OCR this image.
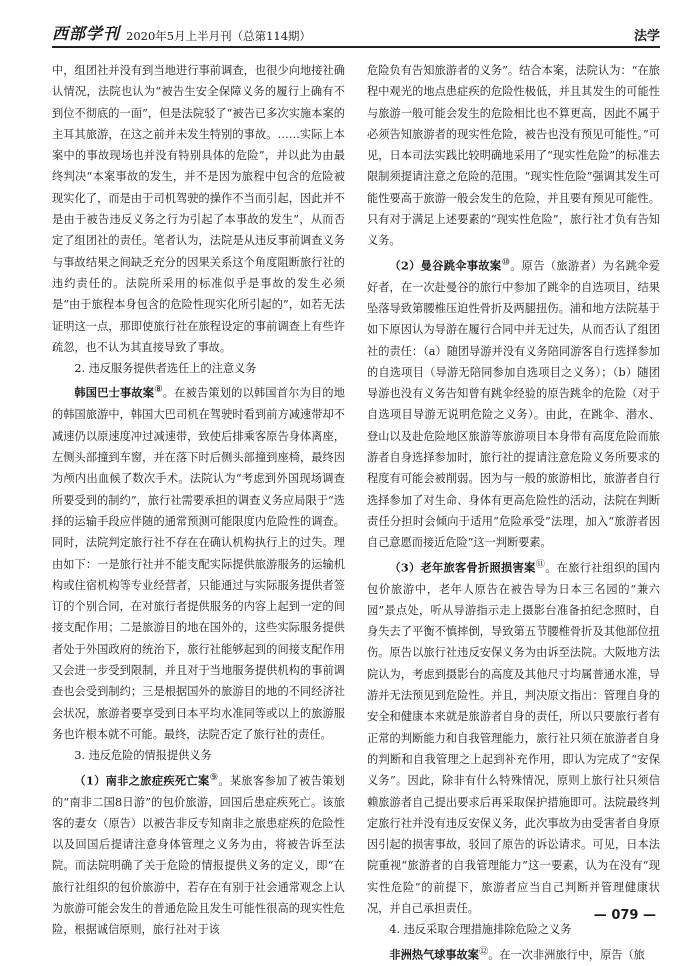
西部学刊 2020年5月上半月刊（总第114期）	法学

中，组团社并没有到当地进行事前调查，也很少向地接社确认情况，法院也认为“被告生安全保障义务的履行上确有不到位不彻底的一面”，但是法院驳了“被告已多次实施本案的主耳其旅游，在这之前并未发生特别的事故。……实际上本案中的事故现场也并没有特别具体的危险”，并以此为由最终判决“本案事故的发生，并不是因为旅程中包含的危险被现实化了，而是由于司机驾驶的操作不当而引起，因此并不是由于被告违反义务之行为引起了本事故的发生”，从而否定了组团社的责任。笔者认为，法院是从违反事前调查义务与事故结果之间缺乏充分的因果关系这个角度阻断旅行社的违约责任的。法院所采用的标准似乎是事故的发生必须是“由于旅程本身包含的危险性现实化所引起的”，如若无法证明这一点，那即使旅行社在旅程设定的事前调查上有些许疏忽，也不认为其直接导致了事故。

2. 违反服务提供者选任上的注意义务

韩国巴士事故案⑧。在被告策划的以韩国首尔为目的地的韩国旅游中，韩国大巴司机在驾驶时看到前方减速带却不减速仍以原速度冲过减速带，致使后排乘客原告身体离座，左侧头部撞到车窗，并在落下时后侧头部撞到座椅，最终因为颅内出血候了数次手术。法院认为“考虑到外国现场调查所要受到的制约”，旅行社需要承担的调查义务应局限于“选择的运输手段应伴随的通常预测可能限度内危险性的调查。同时，法院判定旅行社不存在在确认机构执行上的过失。理由如下：一是旅行社并不能支配实际提供旅游服务的运输机构或住宿机构等专业经营者，只能通过与实际服务提供者签订的个别合同，在对旅行者提供服务的内容上起到一定的间接支配作用；二是旅游目的地在国外的，这些实际服务提供者处于外国政府的统治下，旅行社能够起到的间接支配作用又会进一步受到限制，并且对于当地服务提供机构的事前调查也会受到制约；三是根据国外的旅游目的地的不同经济社会状况，旅游者要享受到日本平均水准同等或以上的旅游服务也许根本就不可能。最终，法院否定了旅行社的责任。

3. 违反危险的情报提供义务

（1）南非之旅症疾死亡案⑨。某旅客参加了被告策划的“南非二国8日游”的包价旅游，回国后患症疾死亡。该旅客的妻女（原告）以被告非反专知南非之旅患症疾的危险性以及回国后提请注意身体管理之义务为由，将被告诉至法院。而法院明确了关于危险的情报提供义务的定义，即“在旅行社组织的包价旅游中，若存在有别于社会通常观念上认为旅游可能会发生的普通危险且发生可能性很高的现实性危险，根据诚信原则，旅行社对于该

危险负有告知旅游者的义务”。结合本案，法院认为：“在旅程中观光的地点患症疾的危险性极低，并且其发生的可能性与旅游一般可能会发生的危险相比也不算更高，因此不属于必须告知旅游者的现实性危险，被告也没有预见可能性。”可见，日本司法实践比较明确地采用了“现实性危险”的标准去限制须提请注意之危险的范围。“现实性危险”强调其发生可能性要高于旅游一般会发生的危险，并且要有预见可能性。只有对于满足上述要素的“现实性危险”，旅行社才负有告知义务。

（2）曼谷跳伞事故案⑩。原告（旅游者）为名跳伞爱好者，在一次赴曼谷的旅行中参加了跳伞的自选项目，结果坠落导致第腰椎压迫性骨折及两腿扭伤。浦和地方法院基于如下原因认为导游在履行合同中并无过失，从而否认了组团社的责任：（a）随团导游并没有义务陪同游客自行选择参加的自选项目（导游无陪同参加自选项目之义务）；（b）随团导游也没有义务告知曾有跳伞经验的原告跳伞的危险（对于自选项目导游无说明危险之义务）。由此，在跳伞、潜水、登山以及赴危险地区旅游等旅游项目本身带有高度危险而旅游者自身选择参加时，旅行社的提请注意危险义务所要求的程度有可能会被削弱。因为与一般的旅游相比，旅游者自行选择参加了对生命、身体有更高危险性的活动，法院在判断责任分担时会倾向于适用“危险承受”法理，加入“旅游者因自己意愿而接近危险”这一判断要素。

（3）老年旅客骨折照损害案⑪。在旅行社组织的国内包价旅游中，老年人原告在被告导为日本三名园的“兼六园”景点处，听从导游指示走上摄影台准备拍纪念照时，自身失去了平衡不慎摔倒，导致第五节腰椎骨折及其他部位扭伤。原告以旅行社违反安保义务为由诉至法院。大阪地方法院认为，考虑到摄影台的高度及其他尺寸均属普通水准，导游并无法预见到危险性。并且，判决原文指出：管理自身的安全和健康本来就是旅游者自身的责任，所以只要旅行者有正常的判断能力和自我管理能力，旅行社只须在旅游者自身的判断和自我管理之上起到补充作用，即认为完成了“安保义务”。因此，除非有什么特殊情况，原则上旅行社只须信赖旅游者自己提出要求后再采取保护措施即可。法院最终判定旅行社并没有违反安保义务，此次事故为由受害者自身原因引起的损害事故，驳回了原告的诉讼请求。可见，日本法院重视“旅游者的自我管理能力”这一要素，认为在没有“现实性危险”的前提下，旅游者应当自己判断并管理健康状况，并自己承担责任。

4. 违反采取合理措施排除危险之义务

非洲热气球事故案⑫。在一次非洲旅行中，原告（旅

— 079 —
